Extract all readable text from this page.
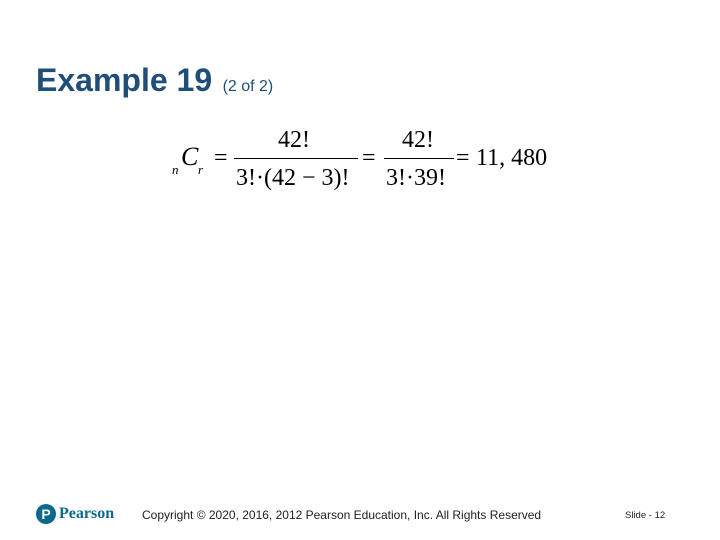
Example 19 (2 of 2)
n C r =
42!
3!·(42 − 3)!
=
42!
3!·39!
= 11, 480
P Pearson Copyright © 2020, 2016, 2012 Pearson Education, Inc. All Rights Reserved	Slide - 12
